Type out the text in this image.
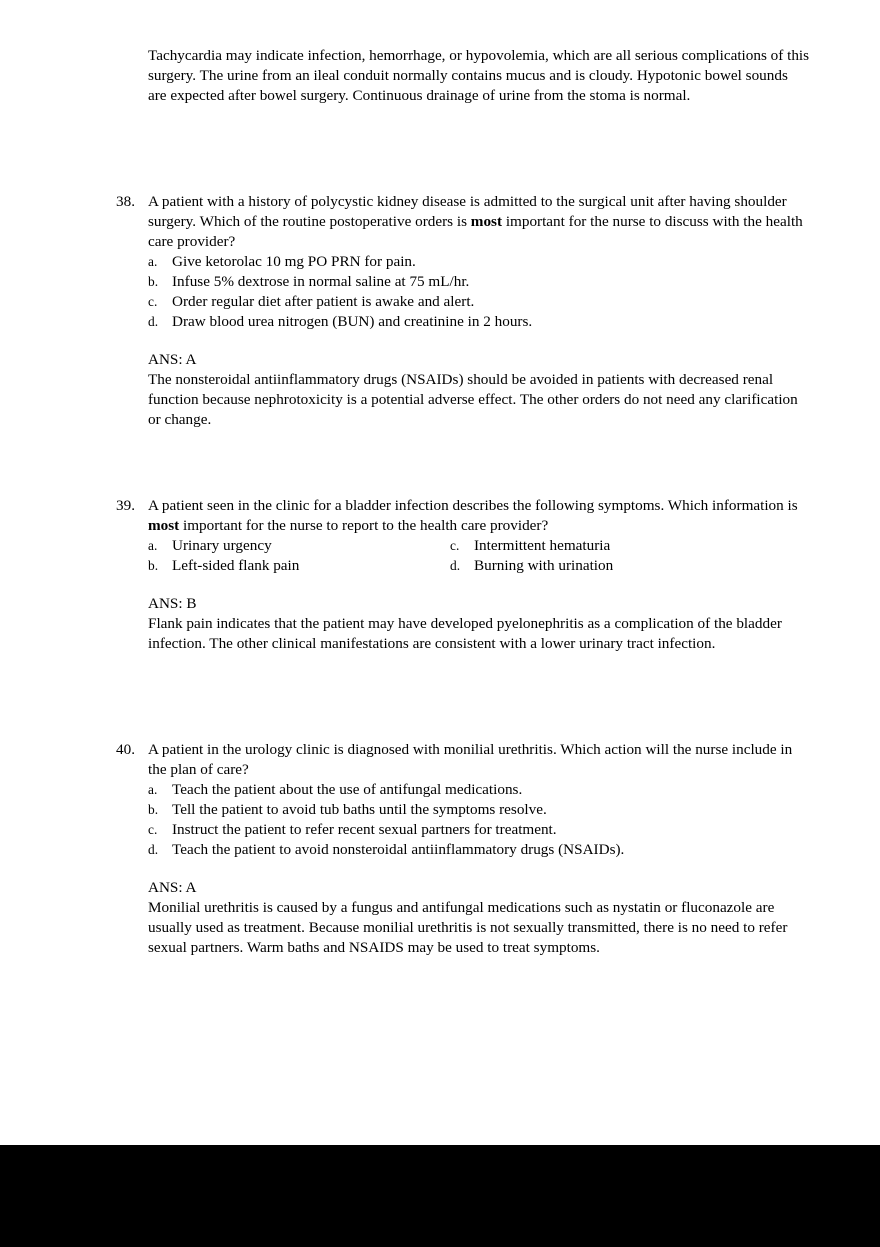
Tachycardia may indicate infection, hemorrhage, or hypovolemia, which are all serious complications of this surgery. The urine from an ileal conduit normally contains mucus and is cloudy. Hypotonic bowel sounds are expected after bowel surgery. Continuous drainage of urine from the stoma is normal.

38. A patient with a history of polycystic kidney disease is admitted to the surgical unit after having shoulder surgery. Which of the routine postoperative orders is most important for the nurse to discuss with the health care provider?
a. Give ketorolac 10 mg PO PRN for pain.
b. Infuse 5% dextrose in normal saline at 75 mL/hr.
c. Order regular diet after patient is awake and alert.
d. Draw blood urea nitrogen (BUN) and creatinine in 2 hours.
ANS: A
The nonsteroidal antiinflammatory drugs (NSAIDs) should be avoided in patients with decreased renal function because nephrotoxicity is a potential adverse effect. The other orders do not need any clarification or change.
39. A patient seen in the clinic for a bladder infection describes the following symptoms. Which information is most important for the nurse to report to the health care provider?
a. Urinary urgency	c. Intermittent hematuria
b. Left-sided flank pain	d. Burning with urination
ANS: B
Flank pain indicates that the patient may have developed pyelonephritis as a complication of the bladder infection. The other clinical manifestations are consistent with a lower urinary tract infection.
40. A patient in the urology clinic is diagnosed with monilial urethritis. Which action will the nurse include in the plan of care?
a. Teach the patient about the use of antifungal medications.
b. Tell the patient to avoid tub baths until the symptoms resolve.
c. Instruct the patient to refer recent sexual partners for treatment.
d. Teach the patient to avoid nonsteroidal antiinflammatory drugs (NSAIDs).
ANS: A
Monilial urethritis is caused by a fungus and antifungal medications such as nystatin or fluconazole are usually used as treatment. Because monilial urethritis is not sexually transmitted, there is no need to refer sexual partners. Warm baths and NSAIDS may be used to treat symptoms.
